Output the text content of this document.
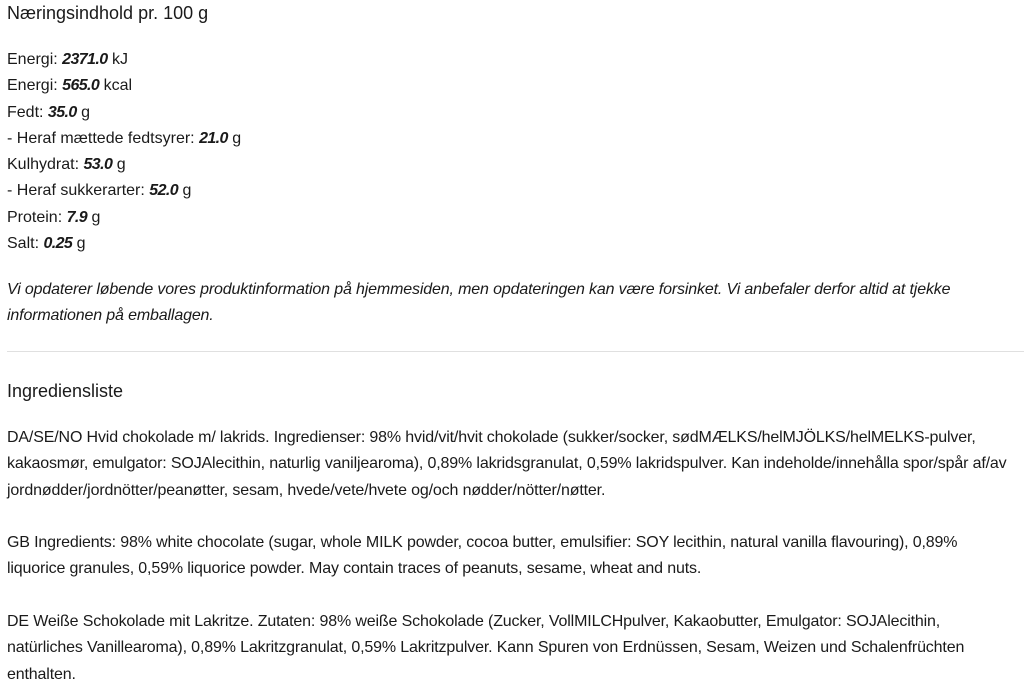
Næringsindhold pr. 100 g
Energi: 2371.0 kJ
Energi: 565.0 kcal
Fedt: 35.0 g
- Heraf mættede fedtsyrer: 21.0 g
Kulhydrat: 53.0 g
- Heraf sukkerarter: 52.0 g
Protein: 7.9 g
Salt: 0.25 g

Vi opdaterer løbende vores produktinformation på hjemmesiden, men opdateringen kan være forsinket. Vi anbefaler derfor altid at tjekke informationen på emballagen.

Ingrediensliste

DA/SE/NO Hvid chokolade m/ lakrids. Ingredienser: 98% hvid/vit/hvit chokolade (sukker/socker, sødMÆLKS/helMJÖLKS/helMELKS-pulver, kakaosmør, emulgator: SOJAlecithin, naturlig vaniljearoma), 0,89% lakridsgranulat, 0,59% lakridspulver. Kan indeholde/innehålla spor/spår af/av jordnødder/jordnötter/peanøtter, sesam, hvede/vete/hvete og/och nødder/nötter/nøtter.

GB Ingredients: 98% white chocolate (sugar, whole MILK powder, cocoa butter, emulsifier: SOY lecithin, natural vanilla flavouring), 0,89% liquorice granules, 0,59% liquorice powder. May contain traces of peanuts, sesame, wheat and nuts.

DE Weiße Schokolade mit Lakritze. Zutaten: 98% weiße Schokolade (Zucker, VollMILCHpulver, Kakaobutter, Emulgator: SOJAlecithin, natürliches Vanillearoma), 0,89% Lakritzgranulat, 0,59% Lakritzpulver. Kann Spuren von Erdnüssen, Sesam, Weizen und Schalenfrüchten enthalten.
